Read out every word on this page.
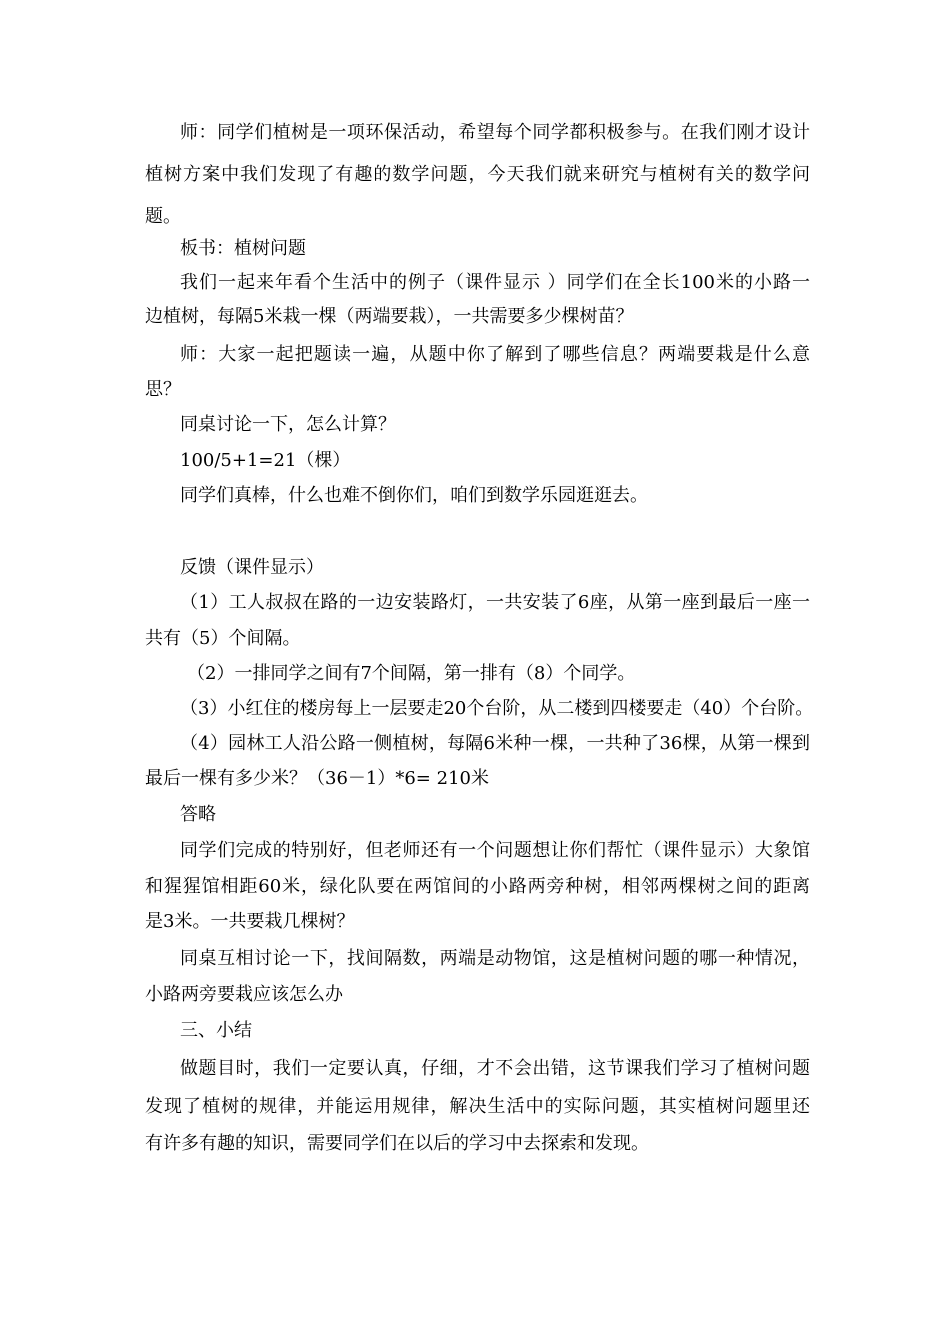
师：同学们植树是一项环保活动，希望每个同学都积极参与。在我们刚才设计
植树方案中我们发现了有趣的数学问题，今天我们就来研究与植树有关的数学问
题。
板书：植树问题
我们一起来年看个生活中的例子（课件显示 ）同学们在全长100米的小路一
边植树，每隔5米栽一棵（两端要栽），一共需要多少棵树苗？
师：大家一起把题读一遍，从题中你了解到了哪些信息？两端要栽是什么意
思？
同桌讨论一下，怎么计算？
100/5+1=21（棵）
同学们真棒，什么也难不倒你们，咱们到数学乐园逛逛去。
反馈（课件显示）
（1）工人叔叔在路的一边安装路灯，一共安装了6座，从第一座到最后一座一
共有（5）个间隔。
（2）一排同学之间有7个间隔，第一排有（8）个同学。
（3）小红住的楼房每上一层要走20个台阶，从二楼到四楼要走（40）个台阶。
（4）园林工人沿公路一侧植树，每隔6米种一棵，一共种了36棵，从第一棵到
最后一棵有多少米？（36－1）*6= 210米
答略
同学们完成的特别好，但老师还有一个问题想让你们帮忙（课件显示）大象馆
和猩猩馆相距60米，绿化队要在两馆间的小路两旁种树，相邻两棵树之间的距离
是3米。一共要栽几棵树？
同桌互相讨论一下，找间隔数，两端是动物馆，这是植树问题的哪一种情况，
小路两旁要栽应该怎么办
三、小结
做题目时，我们一定要认真，仔细，才不会出错，这节课我们学习了植树问题
发现了植树的规律，并能运用规律，解决生活中的实际问题，其实植树问题里还
有许多有趣的知识，需要同学们在以后的学习中去探索和发现。
